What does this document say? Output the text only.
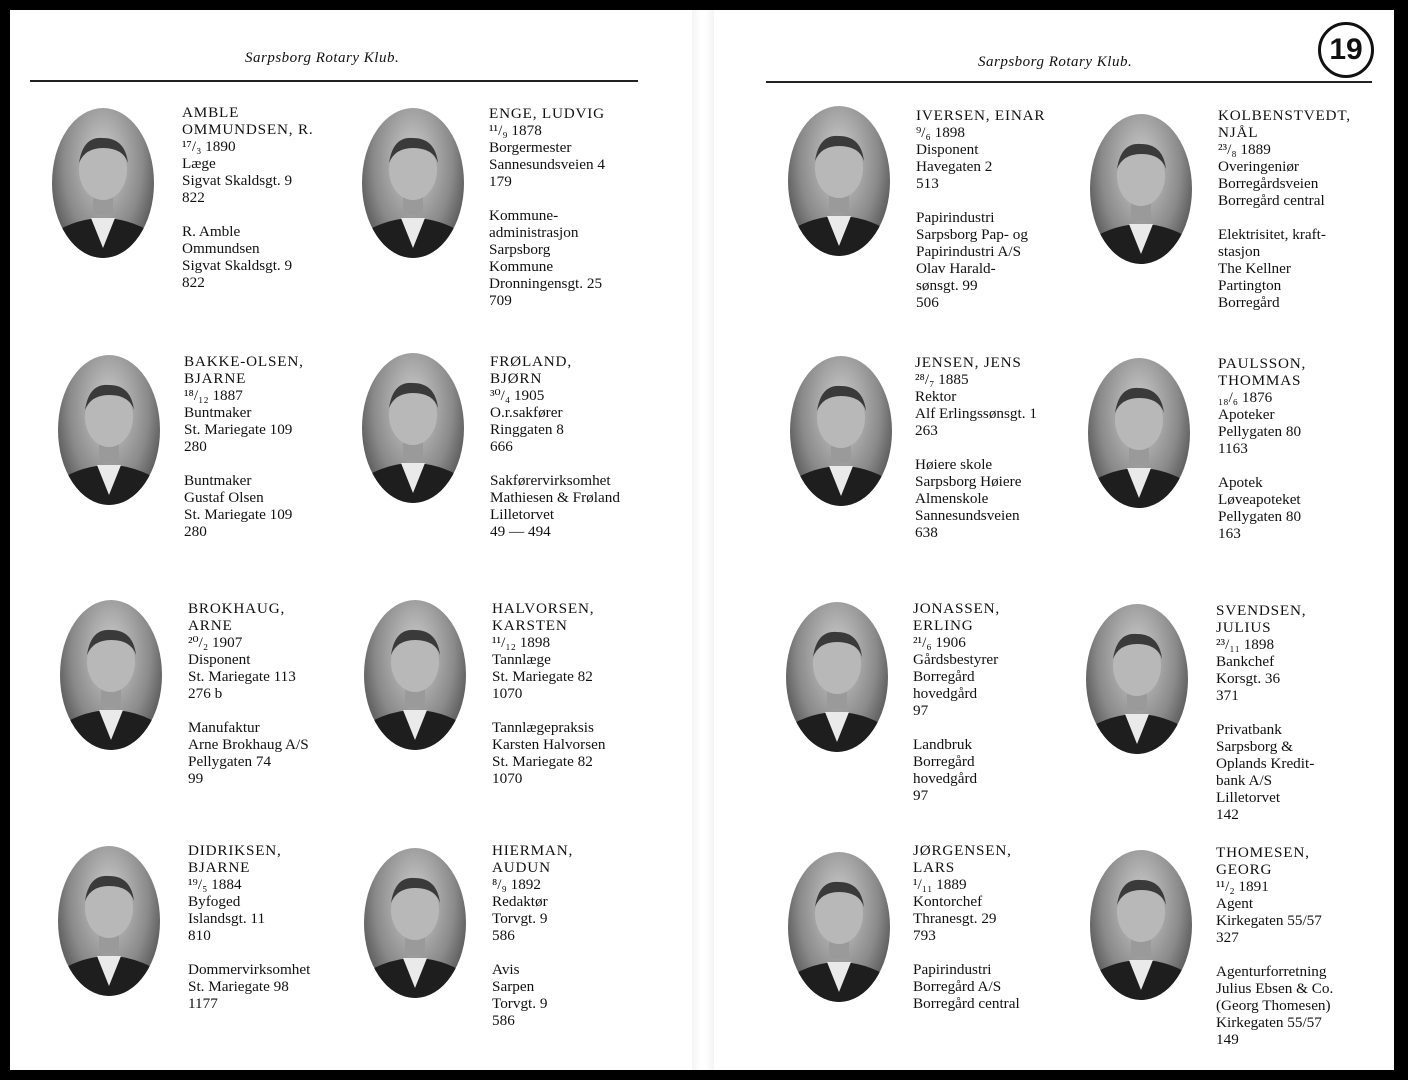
Sarpsborg Rotary Klub.	Sarpsborg Rotary Klub.	19
AMBLE
OMMUNDSEN, R.
¹⁷/₃ 1890
Læge
Sigvat Skaldsgt. 9
822
R. Amble
Ommundsen
Sigvat Skaldsgt. 9
822
BAKKE-OLSEN,
BJARNE
¹⁸/₁₂ 1887
Buntmaker
St. Mariegate 109
280
Buntmaker
Gustaf Olsen
St. Mariegate 109
280
BROKHAUG,
ARNE
²⁰/₂ 1907
Disponent
St. Mariegate 113
276 b
Manufaktur
Arne Brokhaug A/S
Pellygaten 74
99
DIDRIKSEN,
BJARNE
¹⁹/₅ 1884
Byfoged
Islandsgt. 11
810
Dommervirksomhet
St. Mariegate 98
1177
ENGE, LUDVIG
¹¹/₉ 1878
Borgermester
Sannesundsveien 4
179
Kommune-
administrasjon
Sarpsborg
Kommune
Dronningensgt. 25
709
FRØLAND,
BJØRN
³⁰/₄ 1905
O.r.sakfører
Ringgaten 8
666
Sakførervirksomhet
Mathiesen & Frøland
Lilletorvet
49 — 494
HALVORSEN,
KARSTEN
¹¹/₁₂ 1898
Tannlæge
St. Mariegate 82
1070
Tannlægepraksis
Karsten Halvorsen
St. Mariegate 82
1070
HIERMAN,
AUDUN
⁸/₉ 1892
Redaktør
Torvgt. 9
586
Avis
Sarpen
Torvgt. 9
586
IVERSEN, EINAR
⁹/₆ 1898
Disponent
Havegaten 2
513
Papirindustri
Sarpsborg Pap- og
Papirindustri A/S
Olav Harald-
sønsgt. 99
506
JENSEN, JENS
²⁸/₇ 1885
Rektor
Alf Erlingssønsgt. 1
263
Høiere skole
Sarpsborg Høiere
Almenskole
Sannesundsveien
638
JONASSEN,
ERLING
²¹/₆ 1906
Gårdsbestyrer
Borregård
hovedgård
97
Landbruk
Borregård
hovedgård
97
JØRGENSEN,
LARS
¹/₁₁ 1889
Kontorchef
Thranesgt. 29
793
Papirindustri
Borregård A/S
Borregård central
KOLBENSTVEDT,
NJÅL
²³/₈ 1889
Overingeniør
Borregårdsveien
Borregård central
Elektrisitet, kraft-
stasjon
The Kellner
Partington
Borregård
PAULSSON,
THOMMAS
₁₈/₆ 1876
Apoteker
Pellygaten 80
1163
Apotek
Løveapoteket
Pellygaten 80
163
SVENDSEN,
JULIUS
²³/₁₁ 1898
Bankchef
Korsgt. 36
371
Privatbank
Sarpsborg &
Oplands Kredit-
bank A/S
Lilletorvet
142
THOMESEN,
GEORG
¹¹/₂ 1891
Agent
Kirkegaten 55/57
327
Agenturforretning
Julius Ebsen & Co.
(Georg Thomesen)
Kirkegaten 55/57
149
